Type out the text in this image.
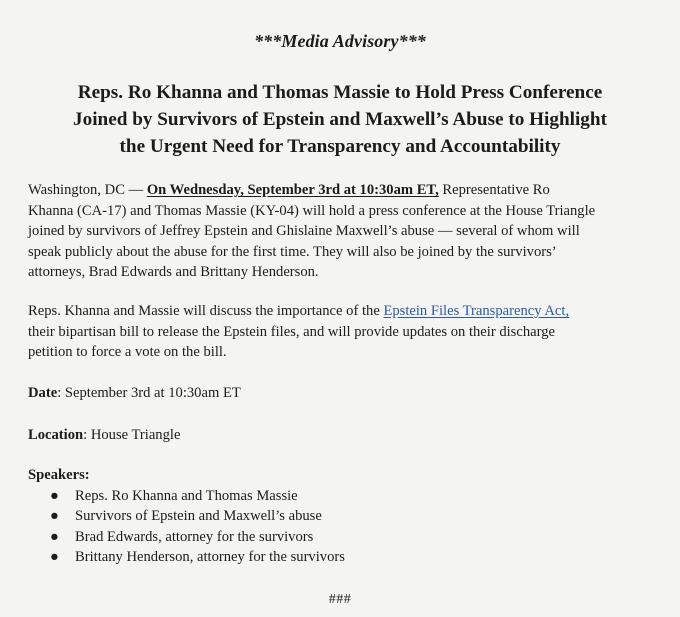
***Media Advisory***
Reps. Ro Khanna and Thomas Massie to Hold Press Conference
Joined by Survivors of Epstein and Maxwell’s Abuse to Highlight
the Urgent Need for Transparency and Accountability
Washington, DC — On Wednesday, September 3rd at 10:30am ET, Representative Ro
Khanna (CA-17) and Thomas Massie (KY-04) will hold a press conference at the House Triangle
joined by survivors of Jeffrey Epstein and Ghislaine Maxwell’s abuse — several of whom will
speak publicly about the abuse for the first time. They will also be joined by the survivors’
attorneys, Brad Edwards and Brittany Henderson.
Reps. Khanna and Massie will discuss the importance of the Epstein Files Transparency Act,
their bipartisan bill to release the Epstein files, and will provide updates on their discharge
petition to force a vote on the bill.
Date: September 3rd at 10:30am ET
Location: House Triangle
Speakers:
● Reps. Ro Khanna and Thomas Massie
● Survivors of Epstein and Maxwell’s abuse
● Brad Edwards, attorney for the survivors
● Brittany Henderson, attorney for the survivors
###
